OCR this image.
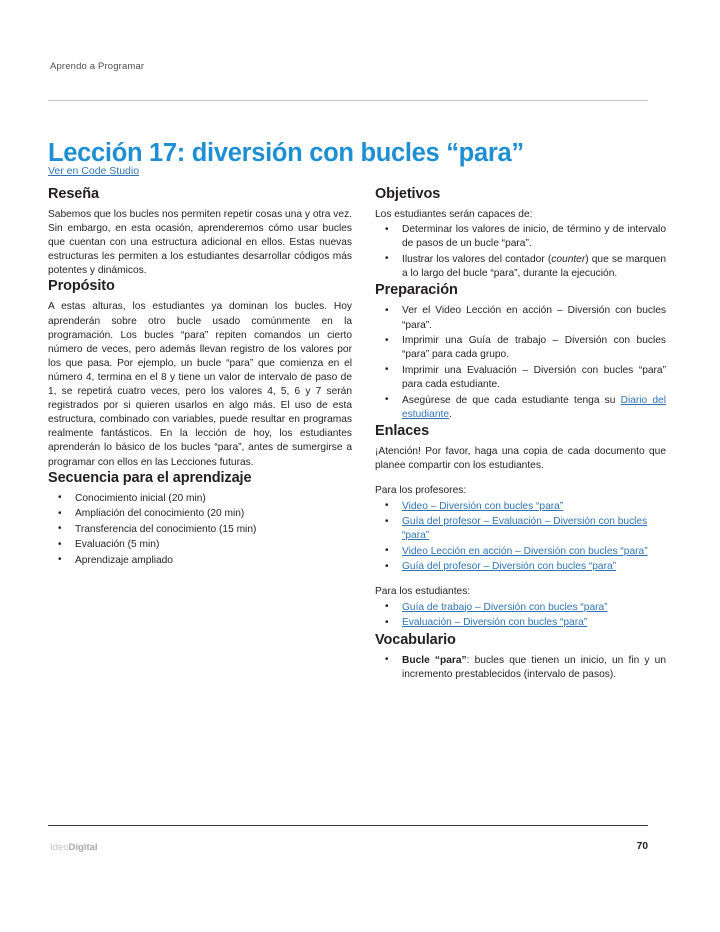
Aprendo a Programar
Lección 17: diversión con bucles “para”
Ver en Code Studio
Reseña

Sabemos que los bucles nos permiten repetir cosas una y otra vez. Sin embargo, en esta ocasión, aprenderemos cómo usar bucles que cuentan con una estructura adicional en ellos. Estas nuevas estructuras les permiten a los estudiantes desarrollar códigos más potentes y dinámicos.

Propósito

A estas alturas, los estudiantes ya dominan los bucles. Hoy aprenderán sobre otro bucle usado comúnmente en la programación. Los bucles “para” repiten comandos un cierto número de veces, pero además llevan registro de los valores por los que pasa. Por ejemplo, un bucle “para” que comienza en el número 4, termina en el 8 y tiene un valor de intervalo de paso de 1, se repetirá cuatro veces, pero los valores 4, 5, 6 y 7 serán registrados por si quieren usarlos en algo más. El uso de esta estructura, combinado con variables, puede resultar en programas realmente fantásticos. En la lección de hoy, los estudiantes aprenderán lo básico de los bucles “para”, antes de sumergirse a programar con ellos en las Lecciones futuras.

Secuencia para el aprendizaje
• Conocimiento inicial (20 min)
• Ampliación del conocimiento (20 min)
• Transferencia del conocimiento (15 min)
• Evaluación (5 min)
• Aprendizaje ampliado
Objetivos

Los estudiantes serán capaces de:

• Determinar los valores de inicio, de término y de intervalo de pasos de un bucle “para”.
• Ilustrar los valores del contador (counter) que se marquen a lo largo del bucle “para”, durante la ejecución.
Preparación
• Ver el Video Lección en acción – Diversión con bucles “para”.
• Imprimir una Guía de trabajo – Diversión con bucles “para” para cada grupo.
• Imprimir una Evaluación – Diversión con bucles “para” para cada estudiante.
• Asegúrese de que cada estudiante tenga su Diario del estudiante.
Enlaces

¡Atención! Por favor, haga una copia de cada documento que planee compartir con los estudiantes.

Para los profesores:

• Video – Diversión con bucles “para”
• Guía del profesor – Evaluación – Diversión con bucles “para”
• Video Lección en acción – Diversión con bucles “para”
• Guía del profesor – Diversión con bucles “para”

Para los estudiantes:

• Guía de trabajo – Diversión con bucles “para”
• Evaluación – Diversión con bucles “para”
Vocabulario
• Bucle “para”: bucles que tienen un inicio, un fin y un incremento prestablecidos (intervalo de pasos).
IdeoDigital	70
